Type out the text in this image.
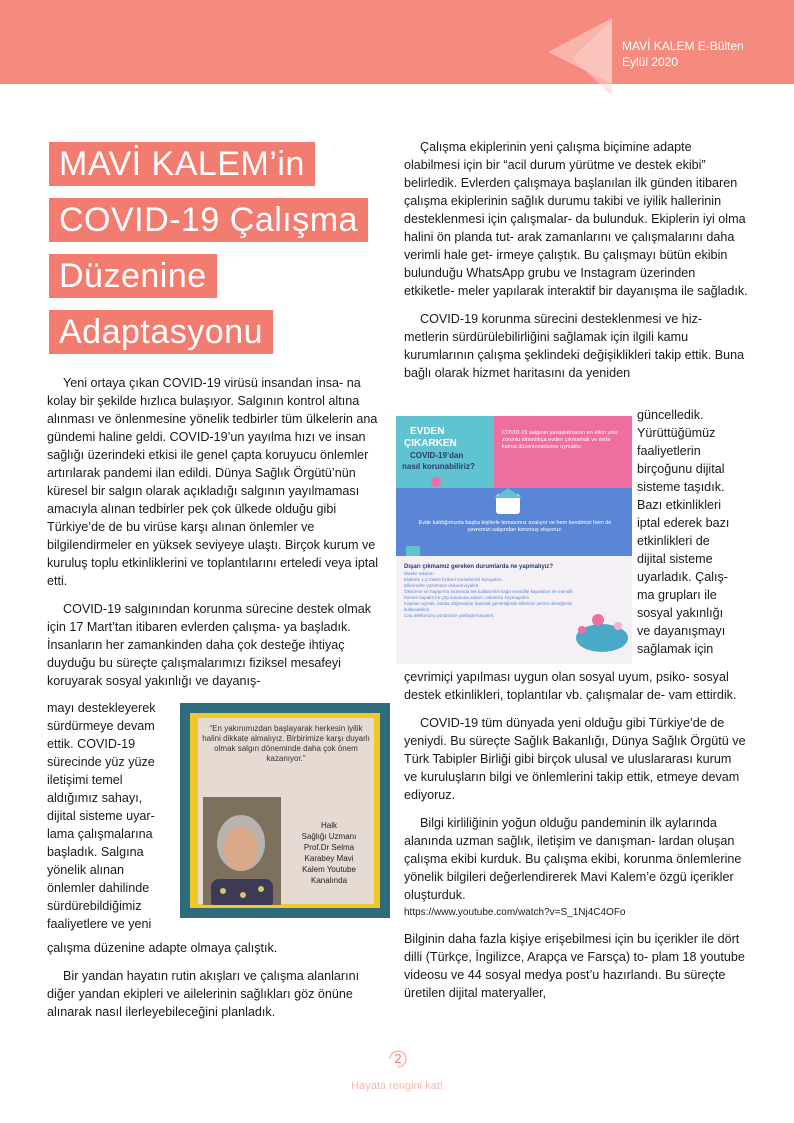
MAVİ KALEM E-Bülten
Eylül 2020
MAVİ KALEM’in
COVID-19 Çalışma
Düzenine
Adaptasyonu

Yeni ortaya çıkan COVID-19 virüsü insandan insa- na kolay bir şekilde hızlıca bulaşıyor. Salgının kontrol altına alınması ve önlenmesine yönelik tedbirler tüm ülkelerin ana gündemi haline geldi. COVID-19’un yayılma hızı ve insan sağlığı üzerindeki etkisi ile genel çapta koruyucu önlemler artırılarak pandemi ilan edildi. Dünya Sağlık Örgütü’nün küresel bir salgın olarak açıkladığı salgının yayılmaması amacıyla alınan tedbirler pek çok ülkede olduğu gibi Türkiye’de de bu virüse karşı alınan önlemler ve bilgilendirmeler en yüksek seviyeye ulaştı. Birçok kurum ve kuruluş toplu etkinliklerini ve toplantılarını erteledi veya iptal etti.

COVID-19 salgınından korunma sürecine destek olmak için 17 Mart’tan itibaren evlerden çalışma- ya başladık. İnsanların her zamankinden daha çok desteğe ihtiyaç duyduğu bu süreçte çalışmalarımızı fiziksel mesafeyi koruyarak sosyal yakınlığı ve dayanış-

mayı destekleyerek
sürdürmeye devam
ettik. COVID-19
sürecinde yüz yüze
iletişimi temel
aldığımız sahayı,
dijital sisteme uyar-
lama çalışmalarına
başladık. Salgına
yönelik alınan
önlemler dahilinde
sürdürebildiğimiz
faaliyetlere ve yeni

çalışma düzenine adapte olmaya çalıştık.

Bir yandan hayatın rutin akışları ve çalışma alanlarını diğer yandan ekipleri ve ailelerinin sağlıkları göz önüne alınarak nasıl ilerleyebileceğini planladık.

“En yakınımızdan başlayarak herkesin iyilik halini dikkate almalıyız. Birbirimize karşı duyarlı olmak salgın döneminde daha çok önem kazanıyor.”
Halk
Sağlığı Uzmanı
Prof.Dr Selma
Karabey Mavi
Kalem Youtube
Kanalında

Çalışma ekiplerinin yeni çalışma biçimine adapte olabilmesi için bir “acil durum yürütme ve destek ekibi” belirledik. Evlerden çalışmaya başlanılan ilk günden itibaren çalışma ekiplerinin sağlık durumu takibi ve iyilik hallerinin desteklenmesi için çalışmalar- da bulunduk. Ekiplerin iyi olma halini ön planda tut- arak zamanlarını ve çalışmalarını daha verimli hale get- irmeye çalıştık. Bu çalışmayı bütün ekibin bulunduğu WhatsApp grubu ve Instagram üzerinden etkiketle- meler yapılarak interaktif bir dayanışma ile sağladık.

COVID-19 korunma sürecini desteklenmesi ve hiz- metlerin sürdürülebilirliğini sağlamak için ilgili kamu kurumlarının çalışma şeklindeki değişiklikleri takip ettik. Buna bağlı olarak hizmet haritasını da yeniden

EVDEN
ÇIKARKEN
COVID-19’dan
nasıl korunabiliriz?
COVID-19 salgının yavaşlatmanın en etkin yolu zorunlu olmadıkça evden çıkmamak ve evde kalma düzenlemelerine uymaktır.
Evde kaldığımızda başka kişilerle temasımız azalıyor ve hem kendimizi hem de çevremizi salgından korumuş oluyoruz.
Dışarı çıkmamız gereken durumlarda ne yapmalıyız?
Maske takalım.
Kişilerle 1,2 metre fiziksel mesafemizi koruyalım.
Ellerimizle yüzümüze dokunmayalım.
Öksürme ve hapşırma sırasında tek kullanımlık kağıt mendille kapatalım ve mendili hemen kapaklı bir çöp kutusuna atalım, cebimize koymayalım.
Kapıları açmak, lamba düğmesine basmak gerektiğinde ellerimiz yerine dirseğimizi kullanabiliriz.
Cep telefonunu yüzümüze yaklaştırmayalım.
güncelledik.
Yürüttüğümüz
faaliyetlerin
birçoğunu dijital
sisteme taşıdık.
Bazı etkinlikleri
iptal ederek bazı
etkinlikleri de
dijital sisteme
uyarladık. Çalış-
ma grupları ile
sosyal yakınlığı
ve dayanışmayı
sağlamak için

çevrimiçi yapılması uygun olan sosyal uyum, psiko- sosyal destek etkinlikleri, toplantılar vb. çalışmalar de- vam ettirdik.

COVID-19 tüm dünyada yeni olduğu gibi Türkiye’de de yeniydi. Bu süreçte Sağlık Bakanlığı, Dünya Sağlık Örgütü ve Türk Tabipler Birliği gibi birçok ulusal ve uluslararası kurum ve kuruluşların bilgi ve önlemlerini takip ettik, etmeye devam ediyoruz.

Bilgi kirliliğinin yoğun olduğu pandeminin ilk aylarında alanında uzman sağlık, iletişim ve danışman- lardan oluşan çalışma ekibi kurduk. Bu çalışma ekibi, korunma önlemlerine yönelik bilgileri değerlendirerek Mavi Kalem’e özgü içerikler oluşturduk.

https://www.youtube.com/watch?v=S_1Nj4C4OFo

Bilginin daha fazla kişiye erişebilmesi için bu içerikler ile dört dilli (Türkçe, İngilizce, Arapça ve Farsça) to- plam 18 youtube videosu ve 44 sosyal medya post’u hazırlandı. Bu süreçte üretilen dijital materyaller,

2
Hayata rengini kat!
